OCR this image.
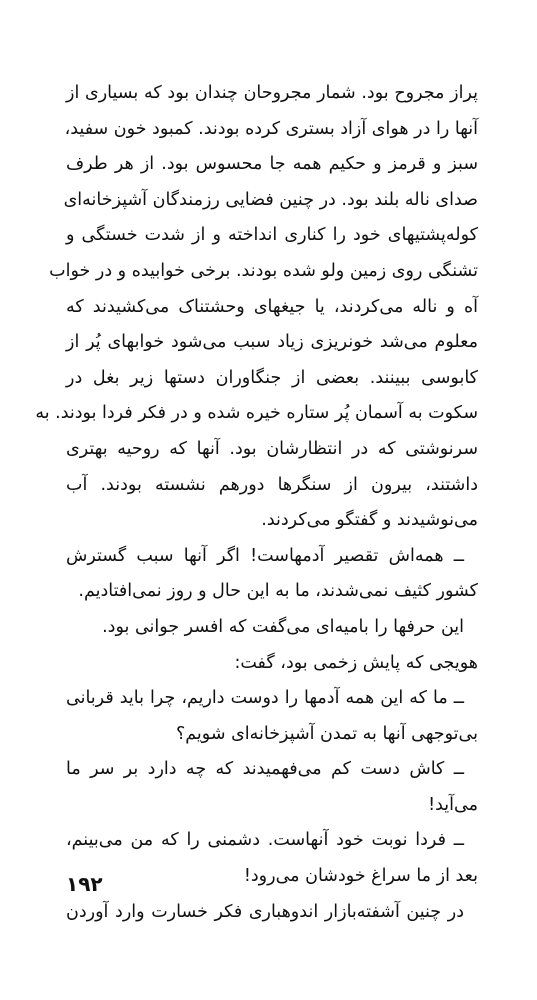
پراز مجروح بود. شمار مجروحان چندان بود که بسیاری از
آنها را در هوای آزاد بستری کرده بودند. کمبود خون سفید،
سبز و قرمز و حکیم همه جا محسوس بود. از هر طرف
صدای ناله بلند بود. در چنین فضایی رزمندگان آشپزخانه‌ای
کوله‌پشتیهای خود را کناری انداخته و از شدت خستگی و
تشنگی روی زمین ولو شده بودند. برخی خوابیده و در خواب
آه و ناله می‌کردند، یا جیغهای وحشتناک می‌کشیدند که
معلوم می‌شد خونریزی زیاد سبب می‌شود خوابهای پُر از
کابوسی ببینند. بعضی از جنگاوران دستها زیر بغل در
سکوت به آسمان پُر ستاره خیره شده و در فکر فردا بودند. به
سرنوشتی که در انتظارشان بود. آنها که روحیه بهتری
داشتند، بیرون از سنگرها دورهم نشسته بودند. آب
می‌نوشیدند و گفتگو می‌کردند.
ــ همه‌اش تقصیر آدمهاست! اگر آنها سبب گسترش
کشور کثیف نمی‌شدند، ما به این حال و روز نمی‌افتادیم.
این حرفها را بامیه‌ای می‌گفت که افسر جوانی بود.
هویجی که پایش زخمی بود، گفت:
ــ ما که این همه آدمها را دوست داریم، چرا باید قربانی
بی‌توجهی آنها به تمدن آشپزخانه‌ای شویم؟
ــ کاش دست کم می‌فهمیدند که چه دارد بر سر ما
می‌آید!
ــ فردا نوبت خود آنهاست. دشمنی را که من می‌بینم،
بعد از ما سراغ خودشان می‌رود!
در چنین آشفته‌بازار اندوهباری فکر خسارت وارد آوردن
۱۹۲
